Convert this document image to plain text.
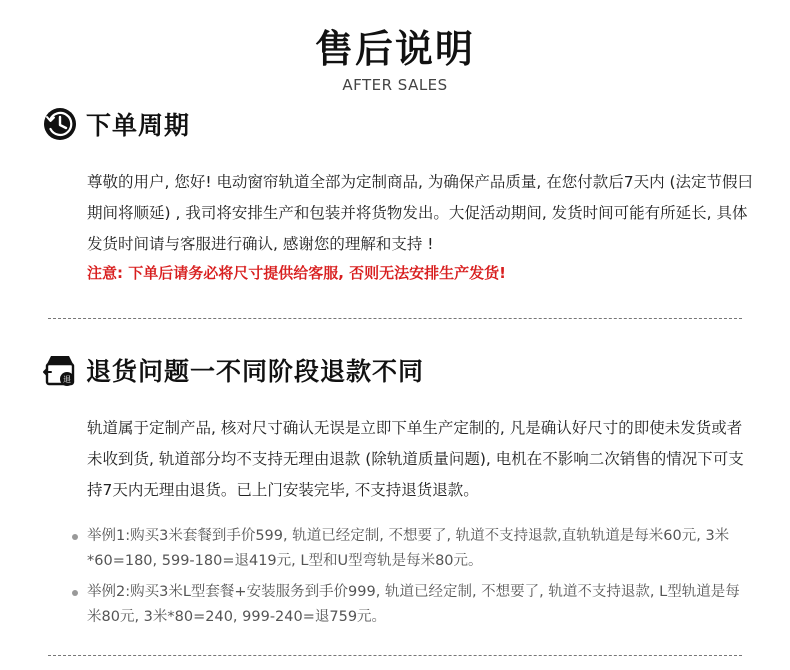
售后说明
AFTER SALES
下单周期
尊敬的用户, 您好! 电动窗帘轨道全部为定制商品, 为确保产品质量, 在您付款后7天内 (法定节假曰期间将顺延) , 我司将安排生产和包装并将货物发出。大促活动期间, 发货时间可能有所延长, 具体发货时间请与客服进行确认, 感谢您的理解和支持 !
注意: 下单后请务必将尺寸提供给客服, 否则无法安排生产发货!
退 退货问题一不同阶段退款不同
轨道属于定制产品, 核对尺寸确认无误是立即下单生产定制的, 凡是确认好尺寸的即使未发货或者未收到货, 轨道部分均不支持无理由退款 (除轨道质量问题), 电机在不影响二次销售的情况下可支持7天内无理由退货。已上门安装完毕, 不支持退货退款。
举例1:购买3米套餐到手价599, 轨道已经定制, 不想要了, 轨道不支持退款,直轨轨道是每米60元, 3米*60=180, 599-180=退419元, L型和U型弯轨是每米80元。
举例2:购买3米L型套餐+安装服务到手价999, 轨道已经定制, 不想要了, 轨道不支持退款, L型轨道是每米80元, 3米*80=240, 999-240=退759元。
